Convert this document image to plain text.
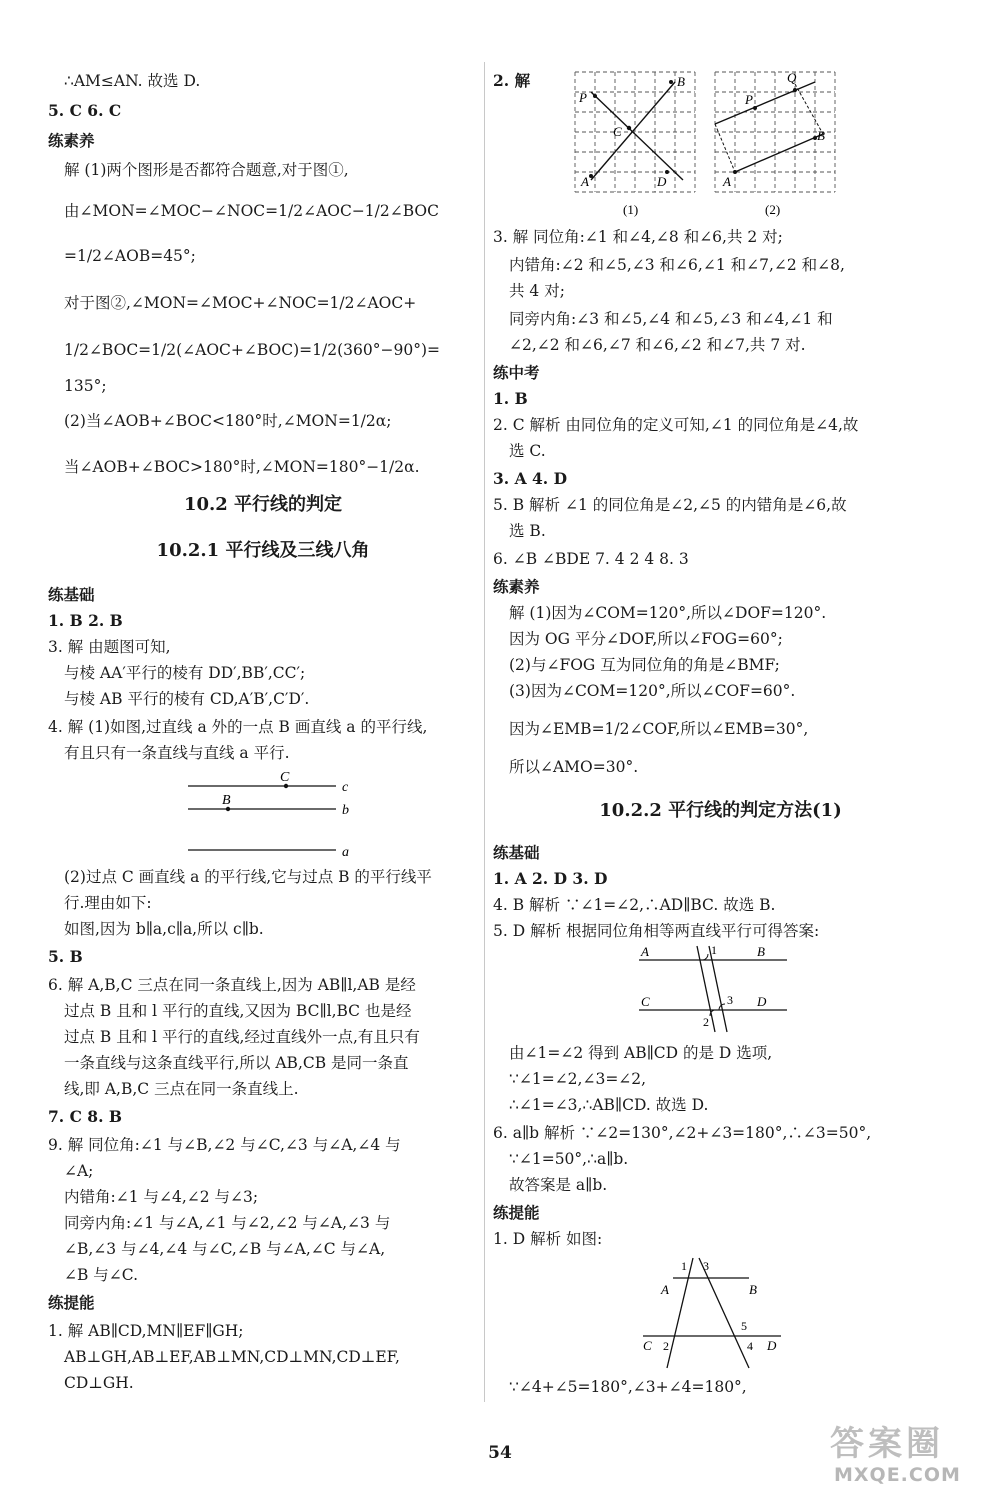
∴AM≤AN. 故选 D.
5. C 6. C
练素养
解 (1)两个图形是否都符合题意,对于图①,
由∠MON=∠MOC−∠NOC=1/2∠AOC−1/2∠BOC
=1/2∠AOB=45°;
对于图②,∠MON=∠MOC+∠NOC=1/2∠AOC+
1/2∠BOC=1/2(∠AOC+∠BOC)=1/2(360°−90°)=
135°;
(2)当∠AOB+∠BOC<180°时,∠MON=1/2α;
当∠AOB+∠BOC>180°时,∠MON=180°−1/2α.
10.2 平行线的判定
10.2.1 平行线及三线八角
练基础
1. B 2. B
3. 解 由题图可知,
与棱 AA′平行的棱有 DD′,BB′,CC′;
与棱 AB 平行的棱有 CD,A′B′,C′D′.
4. 解 (1)如图,过直线 a 外的一点 B 画直线 a 的平行线,
有且只有一条直线与直线 a 平行.
C
B
c
b
a
(2)过点 C 画直线 a 的平行线,它与过点 B 的平行线平
行.理由如下:
如图,因为 b∥a,c∥a,所以 c∥b.
5. B
6. 解 A,B,C 三点在同一条直线上,因为 AB∥l,AB 是经
过点 B 且和 l 平行的直线,又因为 BC∥l,BC 也是经
过点 B 且和 l 平行的直线,经过直线外一点,有且只有
一条直线与这条直线平行,所以 AB,CB 是同一条直
线,即 A,B,C 三点在同一条直线上.
7. C 8. B
9. 解 同位角:∠1 与∠B,∠2 与∠C,∠3 与∠A,∠4 与
∠A;
内错角:∠1 与∠4,∠2 与∠3;
同旁内角:∠1 与∠A,∠1 与∠2,∠2 与∠A,∠3 与
∠B,∠3 与∠4,∠4 与∠C,∠B 与∠A,∠C 与∠A,
∠B 与∠C.
练提能
1. 解 AB∥CD,MN∥EF∥GH;
AB⊥GH,AB⊥EF,AB⊥MN,CD⊥MN,CD⊥EF,
CD⊥GH.
2. 解
P
B
C
A	D
(1)
Q
P
B
A
(2)
3. 解 同位角:∠1 和∠4,∠8 和∠6,共 2 对;
内错角:∠2 和∠5,∠3 和∠6,∠1 和∠7,∠2 和∠8,
共 4 对;
同旁内角:∠3 和∠5,∠4 和∠5,∠3 和∠4,∠1 和
∠2,∠2 和∠6,∠7 和∠6,∠2 和∠7,共 7 对.
练中考
1. B
2. C 解析 由同位角的定义可知,∠1 的同位角是∠4,故
选 C.
3. A 4. D
5. B 解析 ∠1 的同位角是∠2,∠5 的内错角是∠6,故
选 B.
6. ∠B ∠BDE 7. 4 2 4 8. 3
练素养
解 (1)因为∠COM=120°,所以∠DOF=120°.
因为 OG 平分∠DOF,所以∠FOG=60°;
(2)与∠FOG 互为同位角的角是∠BMF;
(3)因为∠COM=120°,所以∠COF=60°.
因为∠EMB=1/2∠COF,所以∠EMB=30°,
所以∠AMO=30°.
10.2.2 平行线的判定方法(1)
练基础
1. A 2. D 3. D
4. B 解析 ∵∠1=∠2,∴AD∥BC. 故选 B.
5. D 解析 根据同位角相等两直线平行可得答案:
A	1	B
C	3 D
2
由∠1=∠2 得到 AB∥CD 的是 D 选项,
∵∠1=∠2,∠3=∠2,
∴∠1=∠3,∴AB∥CD. 故选 D.
6. a∥b 解析 ∵∠2=130°,∠2+∠3=180°,∴∠3=50°,
∵∠1=50°,∴a∥b.
故答案是 a∥b.
练提能
1. D 解析 如图:
1 3
A	B
5
C 2	4 D
∵∠4+∠5=180°,∠3+∠4=180°,
54	答案圈
MXQE.COM
